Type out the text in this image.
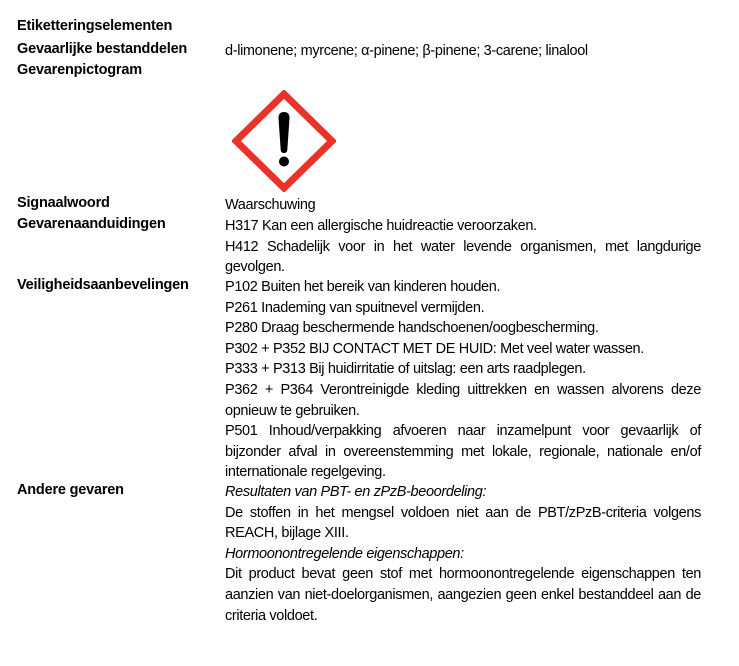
Etiketteringselementen
Gevaarlijke bestanddelen	d-limonene; myrcene; α-pinene; β-pinene; 3-carene; linalool
Gevarenpictogram
Signaalwoord	Waarschuwing
Gevarenaanduidingen	H317 Kan een allergische huidreactie veroorzaken.
H412 Schadelijk voor in het water levende organismen, met langdurige gevolgen.
Veiligheidsaanbevelingen	P102 Buiten het bereik van kinderen houden.
P261 Inademing van spuitnevel vermijden.
P280 Draag beschermende handschoenen/oogbescherming.
P302 + P352 BIJ CONTACT MET DE HUID: Met veel water wassen.
P333 + P313 Bij huidirritatie of uitslag: een arts raadplegen.
P362 + P364 Verontreinigde kleding uittrekken en wassen alvorens deze opnieuw te gebruiken.
P501 Inhoud/verpakking afvoeren naar inzamelpunt voor gevaarlijk of bijzonder afval in overeenstemming met lokale, regionale, nationale en/of internationale regelgeving.
Andere gevaren	Resultaten van PBT- en zPzB-beoordeling:
De stoffen in het mengsel voldoen niet aan de PBT/zPzB-criteria volgens REACH, bijlage XIII.
Hormoonontregelende eigenschappen:
Dit product bevat geen stof met hormoonontregelende eigenschappen ten aanzien van niet-doelorganismen, aangezien geen enkel bestanddeel aan de criteria voldoet.
